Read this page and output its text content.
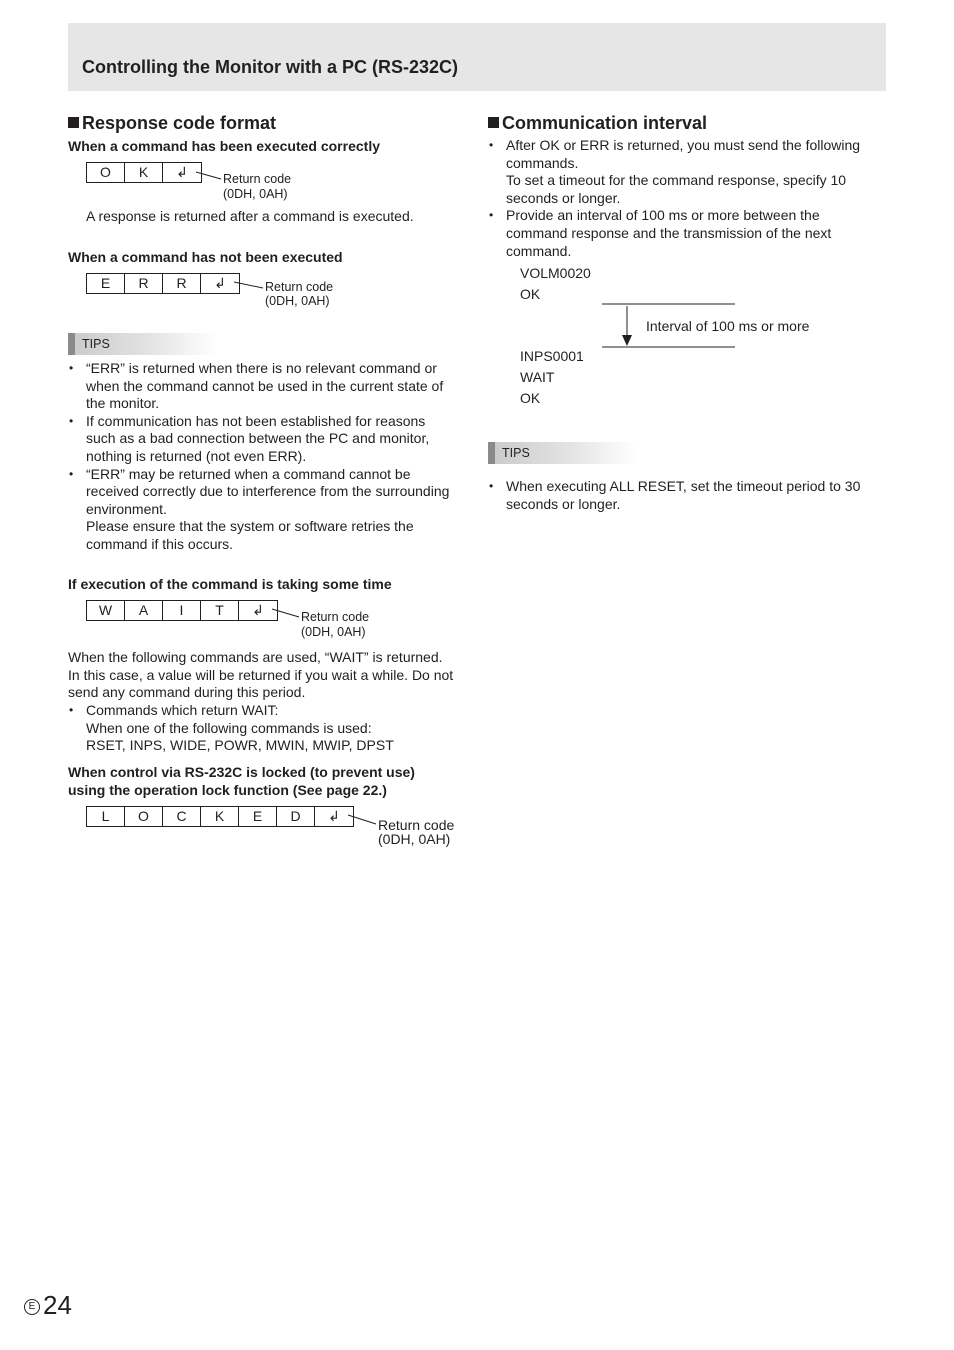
Controlling the Monitor with a PC (RS-232C)
Response code format
When a command has been executed correctly
O	K	↲	Return code
(0DH, 0AH)
A response is returned after a command is executed.
When a command has not been executed
E	R	R	↲	Return code
(0DH, 0AH)
TIPS
• “ERR” is returned when there is no relevant command or
when the command cannot be used in the current state of
the monitor.
• If communication has not been established for reasons
such as a bad connection between the PC and monitor,
nothing is returned (not even ERR).
• “ERR” may be returned when a command cannot be
received correctly due to interference from the surrounding
environment.
Please ensure that the system or software retries the
command if this occurs.
If execution of the command is taking some time
W	A	I	T	↲	Return code
(0DH, 0AH)
When the following commands are used, “WAIT” is returned.
In this case, a value will be returned if you wait a while. Do not
send any command during this period.
• Commands which return WAIT:
When one of the following commands is used:
RSET, INPS, WIDE, POWR, MWIN, MWIP, DPST
When control via RS-232C is locked (to prevent use)
using the operation lock function (See page 22.)
L	O	C	K	E	D	↲
Return code
(0DH, 0AH)
Communication interval
• After OK or ERR is returned, you must send the following
commands.
To set a timeout for the command response, specify 10
seconds or longer.
• Provide an interval of 100 ms or more between the
command response and the transmission of the next
command.
VOLM0020
OK
Interval of 100 ms or more
INPS0001
WAIT
OK
TIPS
• When executing ALL RESET, set the timeout period to 30
seconds or longer.
E 24
